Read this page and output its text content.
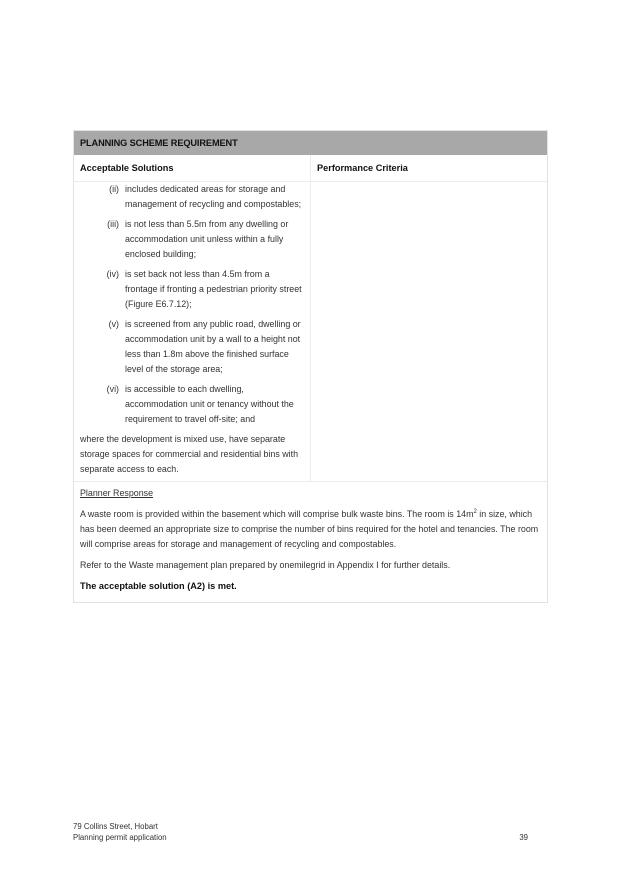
PLANNING SCHEME REQUIREMENT
Acceptable Solutions	Performance Criteria
(ii) includes dedicated areas for storage and management of recycling and compostables;
(iii) is not less than 5.5m from any dwelling or accommodation unit unless within a fully enclosed building;
(iv) is set back not less than 4.5m from a frontage if fronting a pedestrian priority street (Figure E6.7.12);
(v) is screened from any public road, dwelling or accommodation unit by a wall to a height not less than 1.8m above the finished surface level of the storage area;
(vi) is accessible to each dwelling, accommodation unit or tenancy without the requirement to travel off-site; and
where the development is mixed use, have separate storage spaces for commercial and residential bins with separate access to each.
Planner Response

A waste room is provided within the basement which will comprise bulk waste bins. The room is $14m^2$ in size, which has been deemed an appropriate size to comprise the number of bins required for the hotel and tenancies. The room will comprise areas for storage and management of recycling and compostables.

Refer to the Waste management plan prepared by onemilegrid in Appendix I for further details.

The acceptable solution (A2) is met.
79 Collins Street, Hobart
Planning permit application	39
